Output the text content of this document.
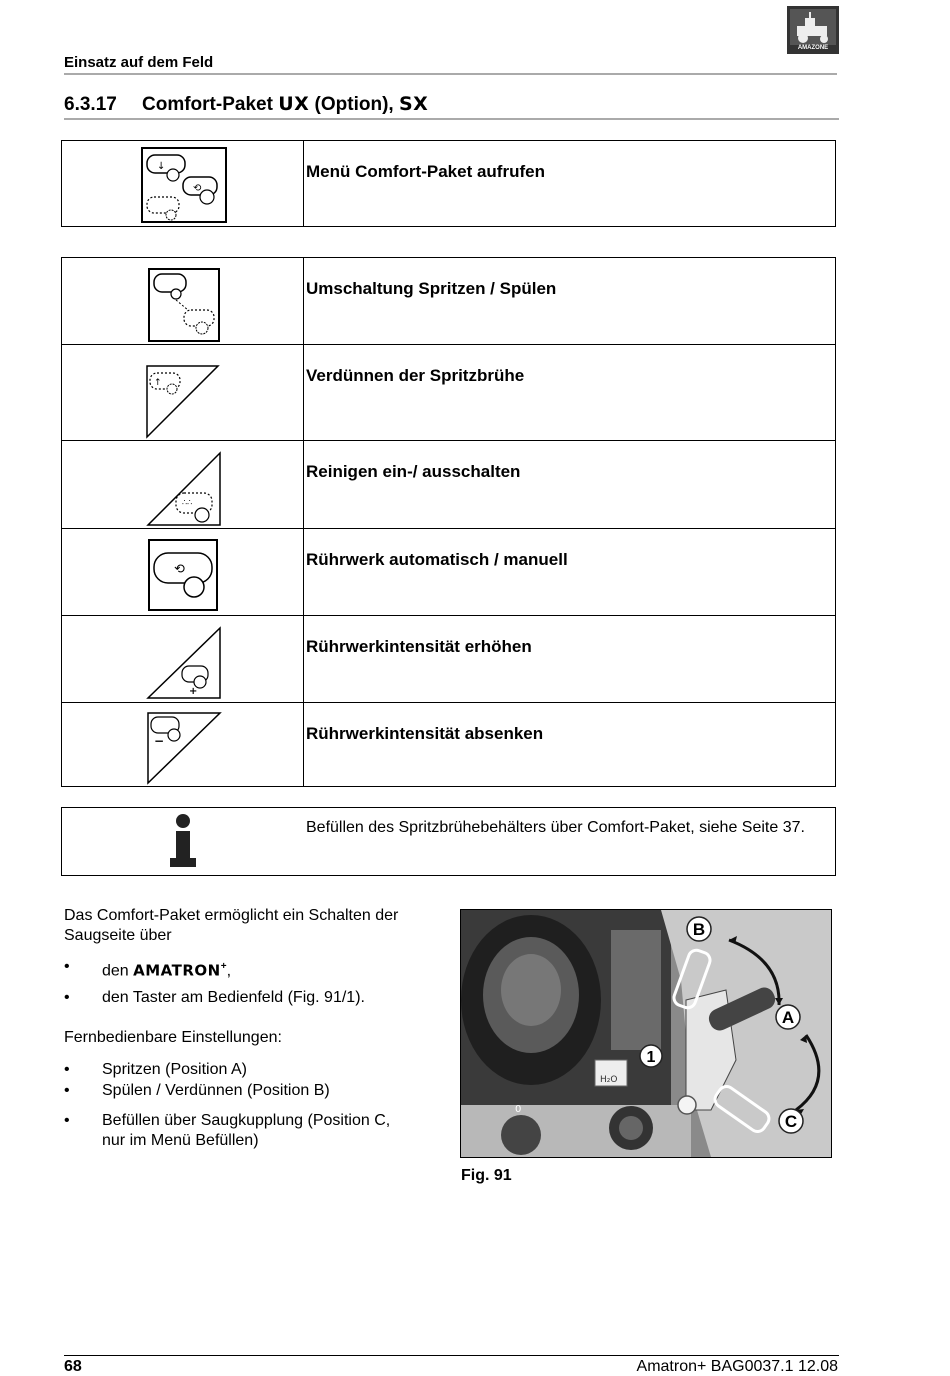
Einsatz auf dem Feld
AMAZONE
6.3.17 Comfort-Paket UX (Option), SX
↓
⟲
	Menü Comfort-Paket aufrufen
	Umschaltung Spritzen / Spülen

↑	Verdünnen der Spritzbrühe

∴∴	Reinigen ein-/ ausschalten

⟲	Rührwerk automatisch / manuell

+	Rührwerkintensität erhöhen

−	Rührwerkintensität absenken
Befüllen des Spritzbrühebehälters über Comfort-Paket, siehe Seite 37.
Das Comfort-Paket ermöglicht ein Schalten der Saugseite über
• den AMATRON+,
• den Taster am Bedienfeld (Fig. 91/1).
Fernbedienbare Einstellungen:
• Spritzen (Position A)
• Spülen / Verdünnen (Position B)
• Befüllen über Saugkupplung (Position C,
nur im Menü Befüllen)
H₂O
0
B
A
C
1
Fig. 91
68	Amatron+ BAG0037.1 12.08
